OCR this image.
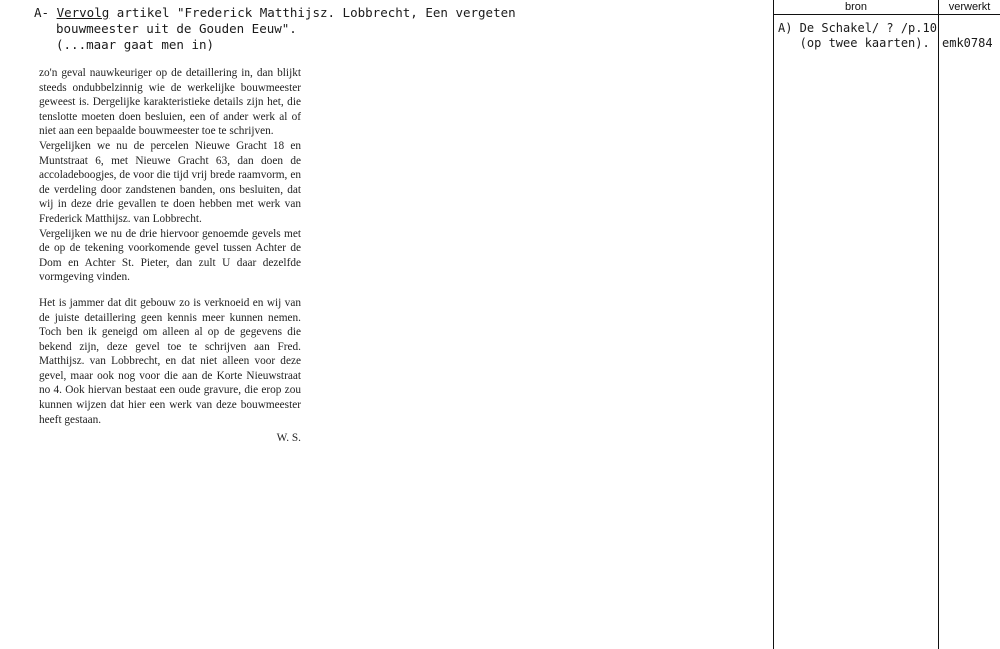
A- Vervolg artikel "Frederick Matthijsz. Lobbrecht, Een vergeten
bouwmeester uit de Gouden Eeuw".
(...maar gaat men in)

zo'n geval nauwkeuriger op de detaillering in, dan blijkt steeds ondubbelzinnig wie de werkelijke bouwmeester geweest is. Dergelijke karakteristieke details zijn het, die tenslotte moeten doen besluien, een of ander werk al of niet aan een bepaalde bouwmeester toe te schrijven.

Vergelijken we nu de percelen Nieuwe Gracht 18 en Muntstraat 6, met Nieuwe Gracht 63, dan doen de accoladeboogjes, de voor die tijd vrij brede raamvorm, en de verdeling door zandstenen banden, ons besluiten, dat wij in deze drie gevallen te doen hebben met werk van Frederick Matthijsz. van Lobbrecht.

Vergelijken we nu de drie hiervoor genoemde gevels met de op de tekening voorkomende gevel tussen Achter de Dom en Achter St. Pieter, dan zult U daar dezelfde vormgeving vinden.

Het is jammer dat dit gebouw zo is verknoeid en wij van de juiste detaillering geen kennis meer kunnen nemen. Toch ben ik geneigd om alleen al op de gegevens die bekend zijn, deze gevel toe te schrijven aan Fred. Matthijsz. van Lobbrecht, en dat niet alleen voor deze gevel, maar ook nog voor die aan de Korte Nieuwstraat no 4. Ook hiervan bestaat een oude gravure, die erop zou kunnen wijzen dat hier een werk van deze bouwmeester heeft gestaan.

W. S.

bron	verwerkt
A) De Schakel/ ? /p.10
(op twee kaarten).	emk0784
